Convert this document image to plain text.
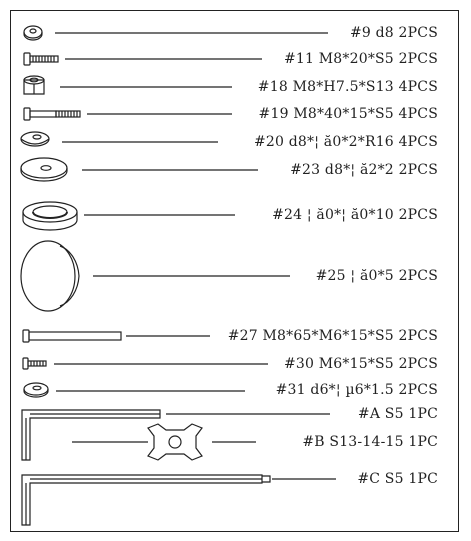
#9 d8 2PCS
#11 M8*20*S5 2PCS
#18 M8*H7.5*S13 4PCS
#19 M8*40*15*S5 4PCS
#20 d8*¦ ă0*2*R16 4PCS
#23 d8*¦ ă2*2 2PCS
#24 ¦ ă0*¦ ă0*10 2PCS
#25 ¦ ă0*5 2PCS
#27 M8*65*M6*15*S5 2PCS
#30 M6*15*S5 2PCS
#31 d6*¦ µ6*1.5 2PCS
#A S5 1PC
#B S13-14-15 1PC
#C S5 1PC
